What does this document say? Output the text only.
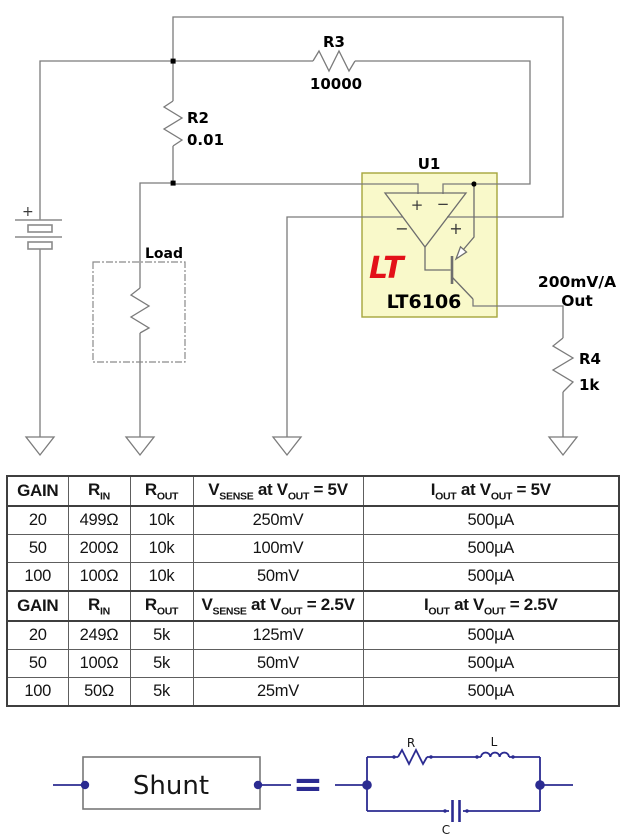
+
R2
0.01
R3
10000
U1
Load
+ −
−	+
LT
LT6106
200mV/A
Out
R4
1k
GAIN	$R_{IN}$	$R_{OUT}$	$V_{SENSE}$ at $V_{OUT} = 5V$	$I_{OUT}$ at $V_{OUT} = 5V$
20	499Ω	10k	250mV	500µA
50	200Ω	10k	100mV	500µA
100	100Ω	10k	50mV	500µA
GAIN	$R_{IN}$	$R_{OUT}$	$V_{SENSE}$ at $V_{OUT} = 2.5V$	$I_{OUT}$ at $V_{OUT} = 2.5V$
20	249Ω	5k	125mV	500µA
50	100Ω	5k	50mV	500µA
100	50Ω	5k	25mV	500µA
Shunt =
R	L
C
